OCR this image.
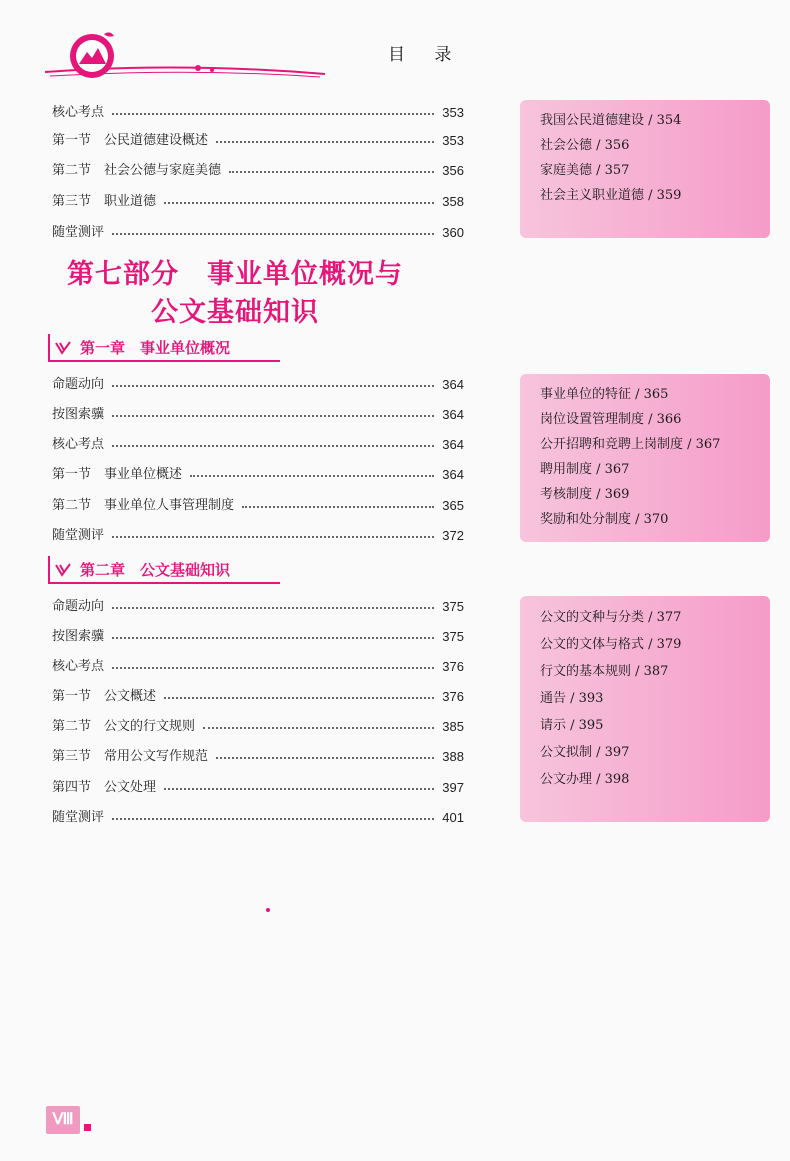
目 录
核心考点	353
第一节　公民道德建设概述	353
第二节　社会公德与家庭美德	356
第三节　职业道德	358
随堂测评	360
我国公民道德建设 / 354
社会公德 / 356
家庭美德 / 357
社会主义职业道德 / 359
第七部分　事业单位概况与
公文基础知识
第一章　事业单位概况
命题动向	364
按图索骥	364
核心考点	364
第一节　事业单位概述	364
第二节　事业单位人事管理制度	365
随堂测评	372
事业单位的特征 / 365
岗位设置管理制度 / 366
公开招聘和竞聘上岗制度 / 367
聘用制度 / 367
考核制度 / 369
奖励和处分制度 / 370
第二章　公文基础知识
命题动向	375
按图索骥	375
核心考点	376
第一节　公文概述	376
第二节　公文的行文规则	385
第三节　常用公文写作规范	388
第四节　公文处理	397
随堂测评	401
公文的文种与分类 / 377
公文的文体与格式 / 379
行文的基本规则 / 387
通告 / 393
请示 / 395
公文拟制 / 397
公文办理 / 398
Ⅷ
